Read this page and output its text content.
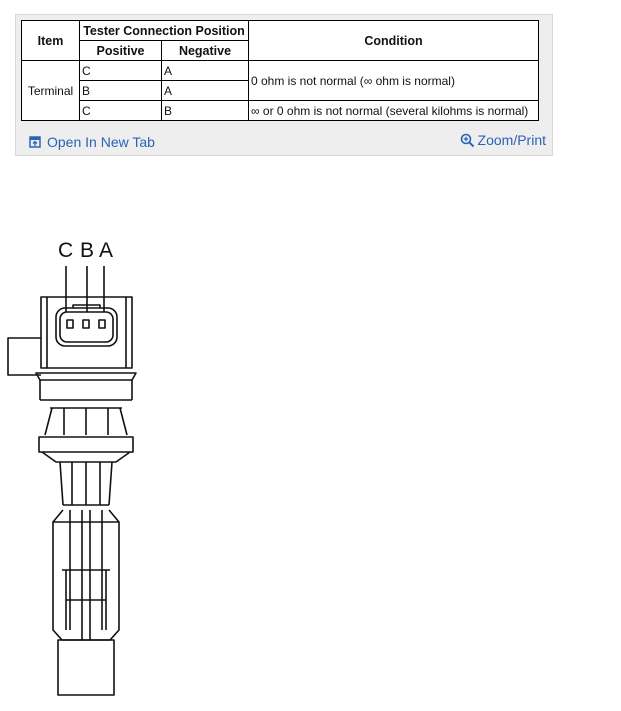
Item	Tester Connection Position		Condition
	Positive	Negative	
Terminal	C	A	0 ohm is not normal (∞ ohm is normal)
	B	A	
	C	B	∞ or 0 ohm is not normal (several kilohms is normal)
Open In New Tab	Zoom/Print
C B A
